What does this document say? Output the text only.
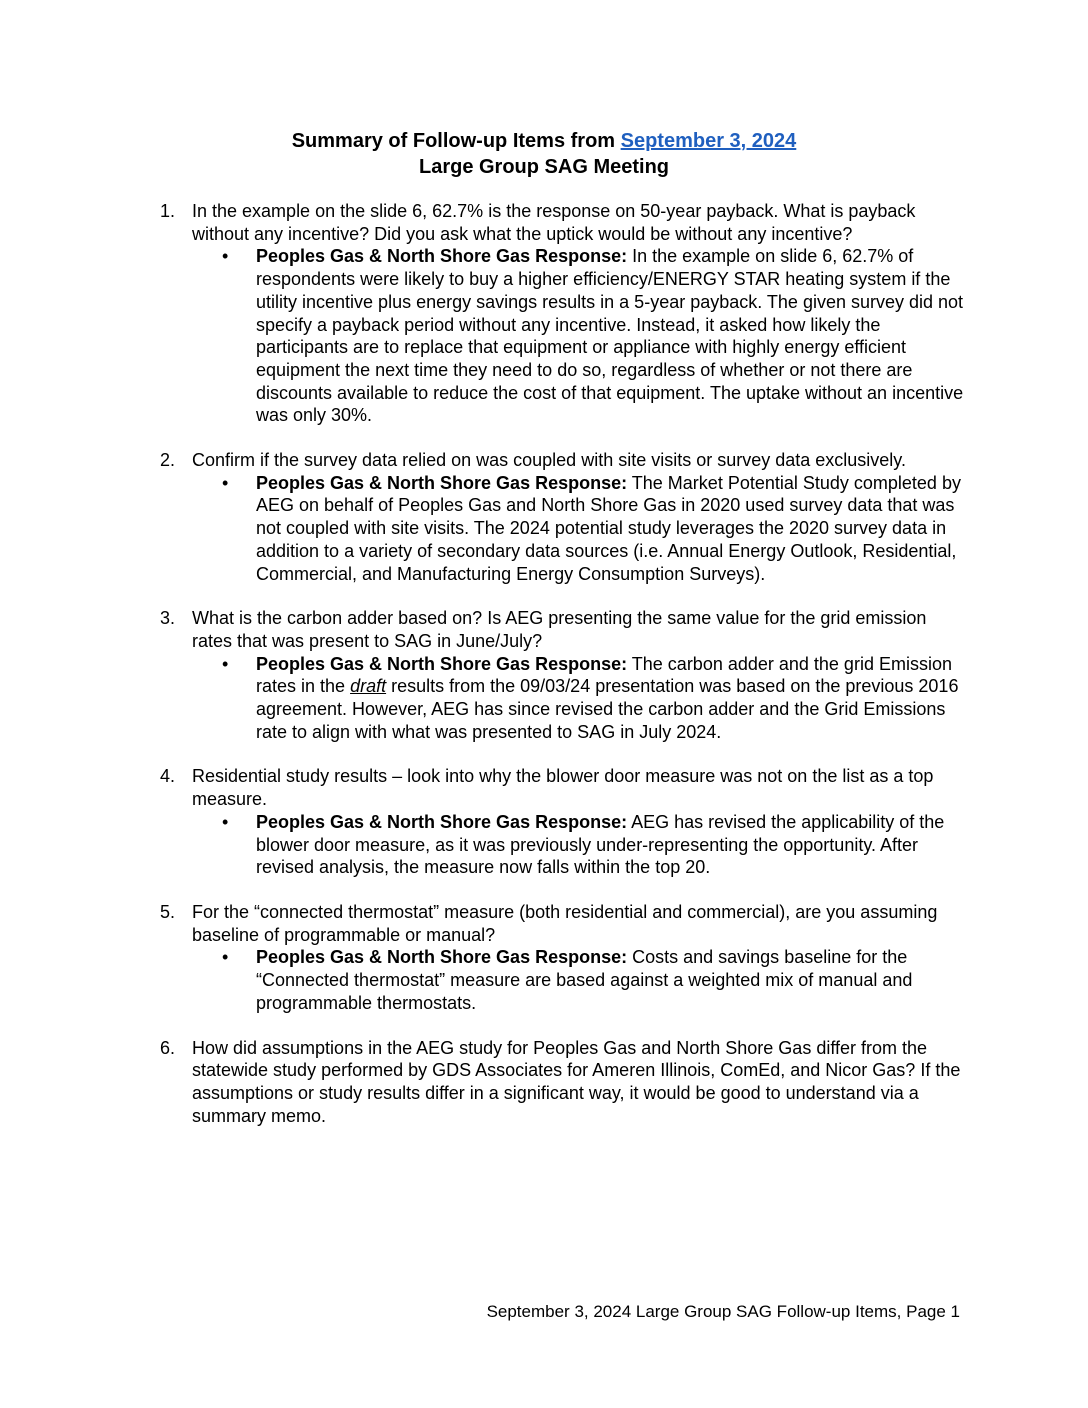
Summary of Follow-up Items from September 3, 2024
Large Group SAG Meeting
1. In the example on the slide 6, 62.7% is the response on 50-year payback. What is payback without any incentive? Did you ask what the uptick would be without any incentive?

• Peoples Gas & North Shore Gas Response: In the example on slide 6, 62.7% of respondents were likely to buy a higher efficiency/ENERGY STAR heating system if the utility incentive plus energy savings results in a 5-year payback. The given survey did not specify a payback period without any incentive. Instead, it asked how likely the participants are to replace that equipment or appliance with highly energy efficient equipment the next time they need to do so, regardless of whether or not there are discounts available to reduce the cost of that equipment. The uptake without an incentive was only 30%.

2. Confirm if the survey data relied on was coupled with site visits or survey data exclusively.

• Peoples Gas & North Shore Gas Response: The Market Potential Study completed by AEG on behalf of Peoples Gas and North Shore Gas in 2020 used survey data that was not coupled with site visits. The 2024 potential study leverages the 2020 survey data in addition to a variety of secondary data sources (i.e. Annual Energy Outlook, Residential, Commercial, and Manufacturing Energy Consumption Surveys).

3. What is the carbon adder based on? Is AEG presenting the same value for the grid emission rates that was present to SAG in June/July?

• Peoples Gas & North Shore Gas Response: The carbon adder and the grid Emission rates in the draft results from the 09/03/24 presentation was based on the previous 2016 agreement. However, AEG has since revised the carbon adder and the Grid Emissions rate to align with what was presented to SAG in July 2024.

4. Residential study results – look into why the blower door measure was not on the list as a top measure.

• Peoples Gas & North Shore Gas Response: AEG has revised the applicability of the blower door measure, as it was previously under-representing the opportunity. After revised analysis, the measure now falls within the top 20.

5. For the “connected thermostat” measure (both residential and commercial), are you assuming baseline of programmable or manual?

• Peoples Gas & North Shore Gas Response: Costs and savings baseline for the “Connected thermostat” measure are based against a weighted mix of manual and programmable thermostats.

6. How did assumptions in the AEG study for Peoples Gas and North Shore Gas differ from the statewide study performed by GDS Associates for Ameren Illinois, ComEd, and Nicor Gas? If the assumptions or study results differ in a significant way, it would be good to understand via a summary memo.
September 3, 2024 Large Group SAG Follow-up Items, Page 1
